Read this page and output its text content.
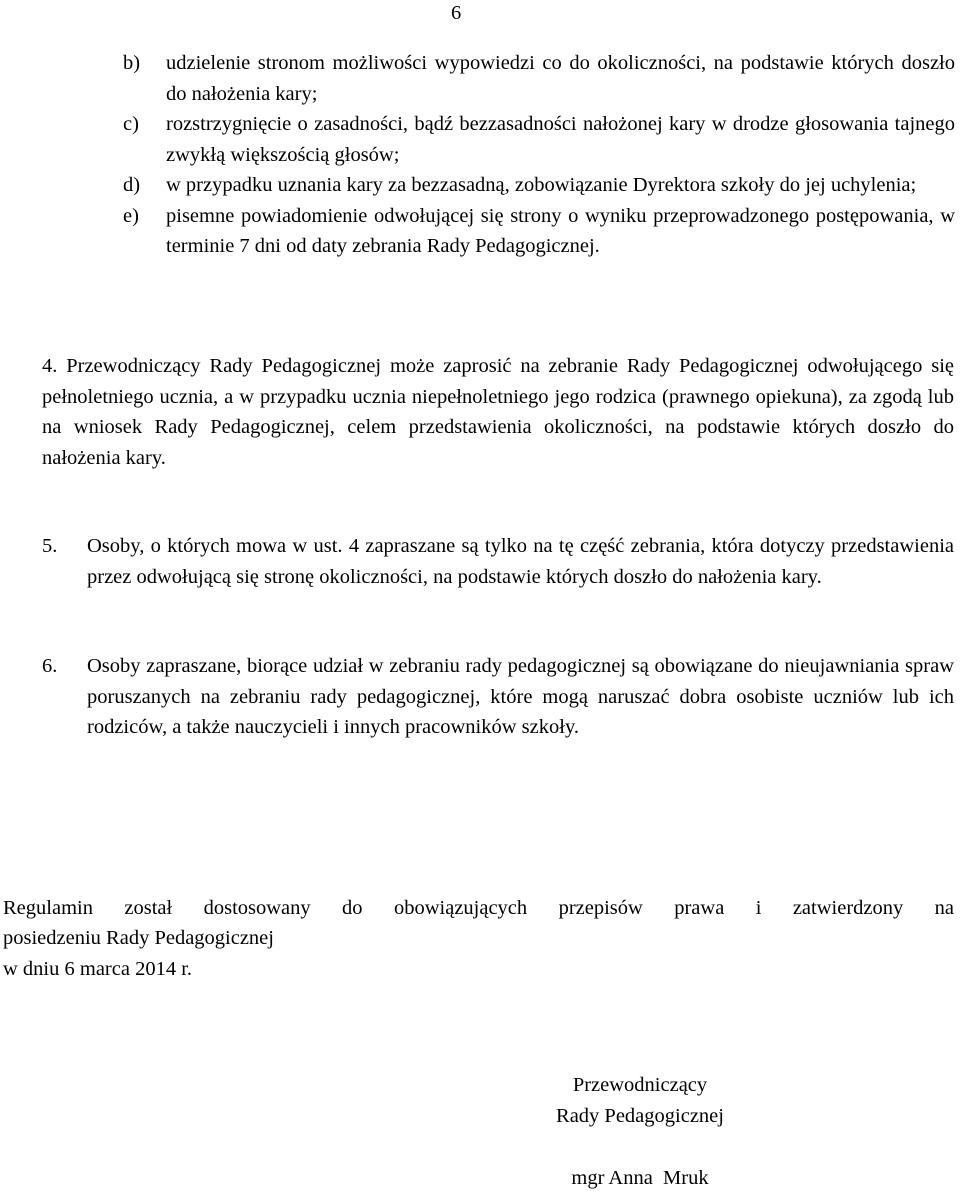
6
b) udzielenie stronom możliwości wypowiedzi co do okoliczności, na podstawie których doszło do nałożenia kary;
c) rozstrzygnięcie o zasadności, bądź bezzasadności nałożonej kary w drodze głosowania tajnego zwykłą większością głosów;
d) w przypadku uznania kary za bezzasadną, zobowiązanie Dyrektora szkoły do jej uchylenia;
e) pisemne powiadomienie odwołującej się strony o wyniku przeprowadzonego postępowania, w terminie 7 dni od daty zebrania Rady Pedagogicznej.

4. Przewodniczący Rady Pedagogicznej może zaprosić na zebranie Rady Pedagogicznej odwołującego się pełnoletniego ucznia, a w przypadku ucznia niepełnoletniego jego rodzica (prawnego opiekuna), za zgodą lub na wniosek Rady Pedagogicznej, celem przedstawienia okoliczności, na podstawie których doszło do nałożenia kary.

5. Osoby, o których mowa w ust. 4 zapraszane są tylko na tę część zebrania, która dotyczy przedstawienia przez odwołującą się stronę okoliczności, na podstawie których doszło do nałożenia kary.

6. Osoby zapraszane, biorące udział w zebraniu rady pedagogicznej są obowiązane do nieujawniania spraw poruszanych na zebraniu rady pedagogicznej, które mogą naruszać dobra osobiste uczniów lub ich rodziców, a także nauczycieli i innych pracowników szkoły.

Regulamin został dostosowany do obowiązujących przepisów prawa i zatwierdzony na
posiedzeniu Rady Pedagogicznej
w dniu 6 marca 2014 r.

Przewodniczący
Rady Pedagogicznej
mgr Anna  Mruk
